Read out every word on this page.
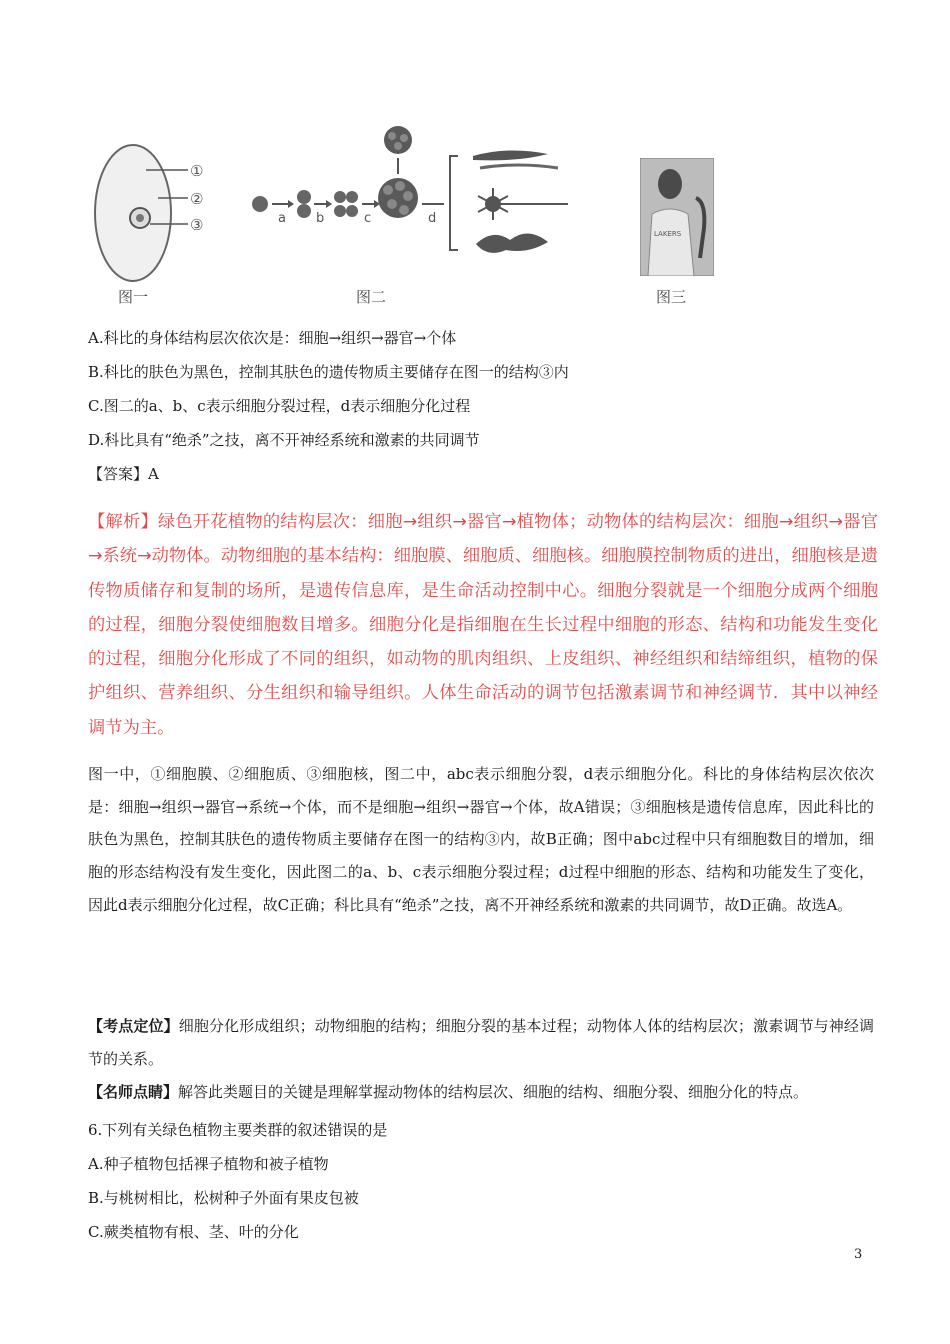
①
②
③
图一
a b	c	d
图二
LAKERS
图三
A.科比的身体结构层次依次是：细胞→组织→器官→个体
B.科比的肤色为黑色，控制其肤色的遗传物质主要储存在图一的结构③内
C.图二的a、b、c表示细胞分裂过程，d表示细胞分化过程
D.科比具有“绝杀”之技，离不开神经系统和激素的共同调节
【答案】A
【解析】绿色开花植物的结构层次：细胞→组织→器官→植物体；动物体的结构层次：细胞→组织→器官→系统→动物体。动物细胞的基本结构：细胞膜、细胞质、细胞核。细胞膜控制物质的进出，细胞核是遗传物质储存和复制的场所，是遗传信息库，是生命活动控制中心。细胞分裂就是一个细胞分成两个细胞的过程，细胞分裂使细胞数目增多。细胞分化是指细胞在生长过程中细胞的形态、结构和功能发生变化的过程，细胞分化形成了不同的组织，如动物的肌肉组织、上皮组织、神经组织和结缔组织，植物的保护组织、营养组织、分生组织和输导组织。人体生命活动的调节包括激素调节和神经调节．其中以神经调节为主。
图一中，①细胞膜、②细胞质、③细胞核，图二中，abc表示细胞分裂，d表示细胞分化。科比的身体结构层次依次是：细胞→组织→器官→系统→个体，而不是细胞→组织→器官→个体，故A错误；③细胞核是遗传信息库，因此科比的肤色为黑色，控制其肤色的遗传物质主要储存在图一的结构③内，故B正确；图中abc过程中只有细胞数目的增加，细胞的形态结构没有发生变化，因此图二的a、b、c表示细胞分裂过程；d过程中细胞的形态、结构和功能发生了变化，因此d表示细胞分化过程，故C正确；科比具有“绝杀”之技，离不开神经系统和激素的共同调节，故D正确。故选A。
【考点定位】细胞分化形成组织；动物细胞的结构；细胞分裂的基本过程；动物体人体的结构层次；激素调节与神经调节的关系。
【名师点睛】解答此类题目的关键是理解掌握动物体的结构层次、细胞的结构、细胞分裂、细胞分化的特点。
6.下列有关绿色植物主要类群的叙述错误的是
A.种子植物包括裸子植物和被子植物
B.与桃树相比，松树种子外面有果皮包被
C.蕨类植物有根、茎、叶的分化
3
